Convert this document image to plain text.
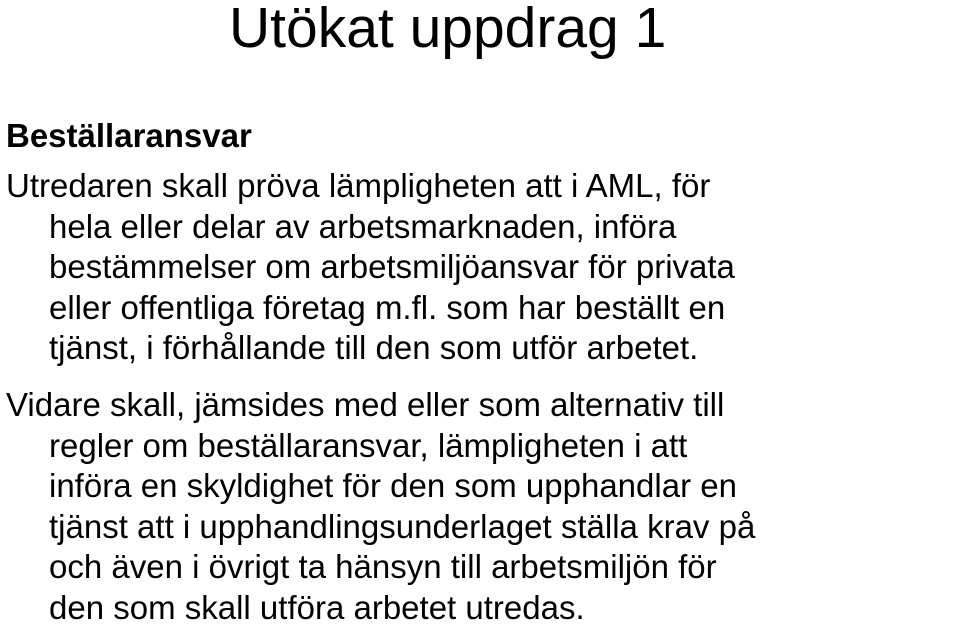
Utökat uppdrag 1
Beställaransvar

Utredaren skall pröva lämpligheten att i AML, för
hela eller delar av arbetsmarknaden, införa
bestämmelser om arbetsmiljöansvar för privata
eller offentliga företag m.fl. som har beställt en
tjänst, i förhållande till den som utför arbetet.

Vidare skall, jämsides med eller som alternativ till
regler om beställaransvar, lämpligheten i att
införa en skyldighet för den som upphandlar en
tjänst att i upphandlingsunderlaget ställa krav på
och även i övrigt ta hänsyn till arbetsmiljön för
den som skall utföra arbetet utredas.
